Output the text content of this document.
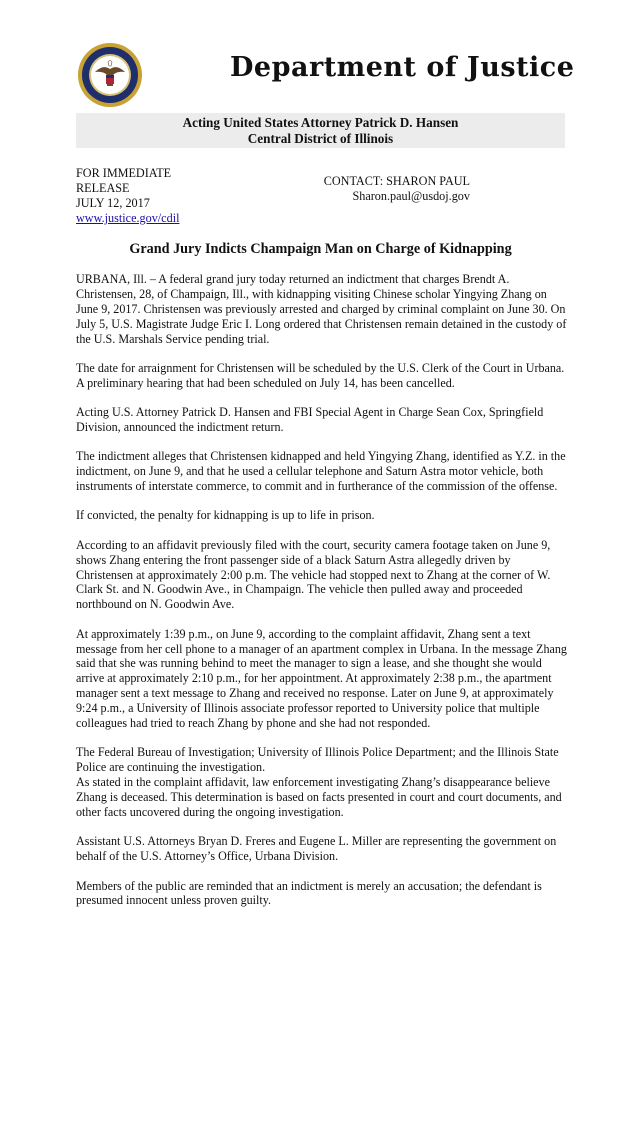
Department of Justice
Acting United States Attorney Patrick D. Hansen
Central District of Illinois
FOR IMMEDIATE
RELEASE
JULY 12, 2017
www.justice.gov/cdil
CONTACT: SHARON PAUL
Sharon.paul@usdoj.gov
Grand Jury Indicts Champaign Man on Charge of Kidnapping

URBANA, Ill. – A federal grand jury today returned an indictment that charges Brendt A. Christensen, 28, of Champaign, Ill., with kidnapping visiting Chinese scholar Yingying Zhang on June 9, 2017. Christensen was previously arrested and charged by criminal complaint on June 30. On July 5, U.S. Magistrate Judge Eric I. Long ordered that Christensen remain detained in the custody of the U.S. Marshals Service pending trial.

The date for arraignment for Christensen will be scheduled by the U.S. Clerk of the Court in Urbana. A preliminary hearing that had been scheduled on July 14, has been cancelled.

Acting U.S. Attorney Patrick D. Hansen and FBI Special Agent in Charge Sean Cox, Springfield Division, announced the indictment return.

The indictment alleges that Christensen kidnapped and held Yingying Zhang, identified as Y.Z. in the indictment, on June 9, and that he used a cellular telephone and Saturn Astra motor vehicle, both instruments of interstate commerce, to commit and in furtherance of the commission of the offense.

If convicted, the penalty for kidnapping is up to life in prison.

According to an affidavit previously filed with the court, security camera footage taken on June 9, shows Zhang entering the front passenger side of a black Saturn Astra allegedly driven by Christensen at approximately 2:00 p.m. The vehicle had stopped next to Zhang at the corner of W. Clark St. and N. Goodwin Ave., in Champaign. The vehicle then pulled away and proceeded northbound on N. Goodwin Ave.

At approximately 1:39 p.m., on June 9, according to the complaint affidavit, Zhang sent a text message from her cell phone to a manager of an apartment complex in Urbana. In the message Zhang said that she was running behind to meet the manager to sign a lease, and she thought she would arrive at approximately 2:10 p.m., for her appointment. At approximately 2:38 p.m., the apartment manager sent a text message to Zhang and received no response. Later on June 9, at approximately 9:24 p.m., a University of Illinois associate professor reported to University police that multiple colleagues had tried to reach Zhang by phone and she had not responded.

The Federal Bureau of Investigation; University of Illinois Police Department; and the Illinois State Police are continuing the investigation.

As stated in the complaint affidavit, law enforcement investigating Zhang’s disappearance believe Zhang is deceased. This determination is based on facts presented in court and court documents, and other facts uncovered during the ongoing investigation.

Assistant U.S. Attorneys Bryan D. Freres and Eugene L. Miller are representing the government on behalf of the U.S. Attorney’s Office, Urbana Division.

Members of the public are reminded that an indictment is merely an accusation; the defendant is presumed innocent unless proven guilty.
